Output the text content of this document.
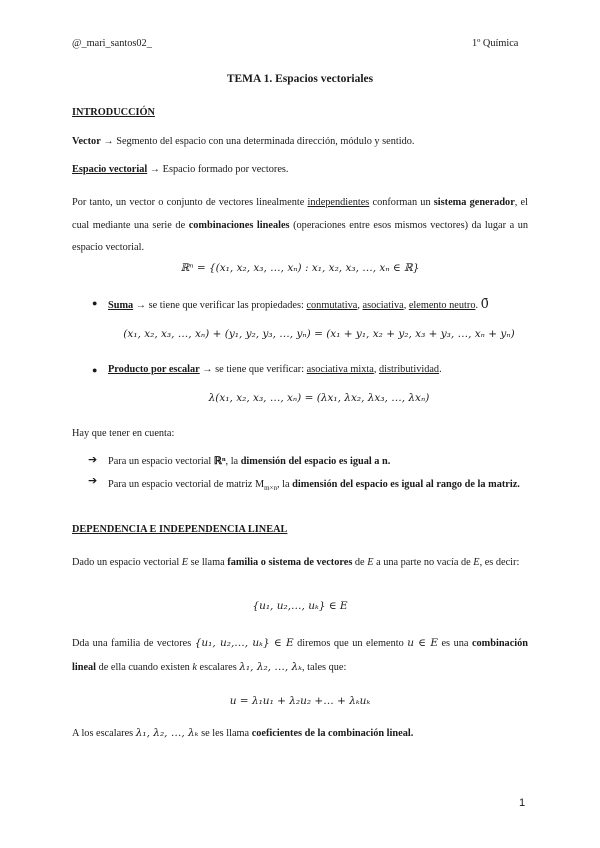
@_mari_santos02_	1º Química
TEMA 1. Espacios vectoriales
INTRODUCCIÓN
Vector → Segmento del espacio con una determinada dirección, módulo y sentido.
Espacio vectorial → Espacio formado por vectores.
Por tanto, un vector o conjunto de vectores linealmente independientes conforman un sistema generador, el cual mediante una serie de combinaciones lineales (operaciones entre esos mismos vectores) da lugar a un espacio vectorial.
ℝⁿ = {(x₁, x₂, x₃, …, xₙ) : x₁, x₂, x₃, …, xₙ ∈ ℝ}
● Suma → se tiene que verificar las propiedades: conmutativa, asociativa, elemento neutro. 0̄
(x₁, x₂, x₃, …, xₙ) + (y₁, y₂, y₃, …, yₙ) = (x₁ + y₁, x₂ + y₂, x₃ + y₃, …, xₙ + yₙ)
● Producto por escalar → se tiene que verificar: asociativa mixta, distributividad.
λ(x₁, x₂, x₃, …, xₙ) = (λx₁, λx₂, λx₃, …, λxₙ)
Hay que tener en cuenta:
➔ Para un espacio vectorial ℝⁿ, la dimensión del espacio es igual a n.
➔ Para un espacio vectorial de matriz $M_{m\times n}$, la dimensión del espacio es igual al rango de la matriz.
DEPENDENCIA E INDEPENDENCIA LINEAL
Dado un espacio vectorial E se llama familia o sistema de vectores de E a una parte no vacía de E, es decir:
{u₁, u₂,…, uₖ} ∈ E
Dda una familia de vectores {u₁, u₂,…, uₖ} ∈ E diremos que un elemento u ∈ E es una combinación lineal de ella cuando existen k escalares λ₁, λ₂, …, λₖ, tales que:
u = λ₁u₁ + λ₂u₂ +… + λₖuₖ
A los escalares λ₁, λ₂, …, λₖ se les llama coeficientes de la combinación lineal.
1
